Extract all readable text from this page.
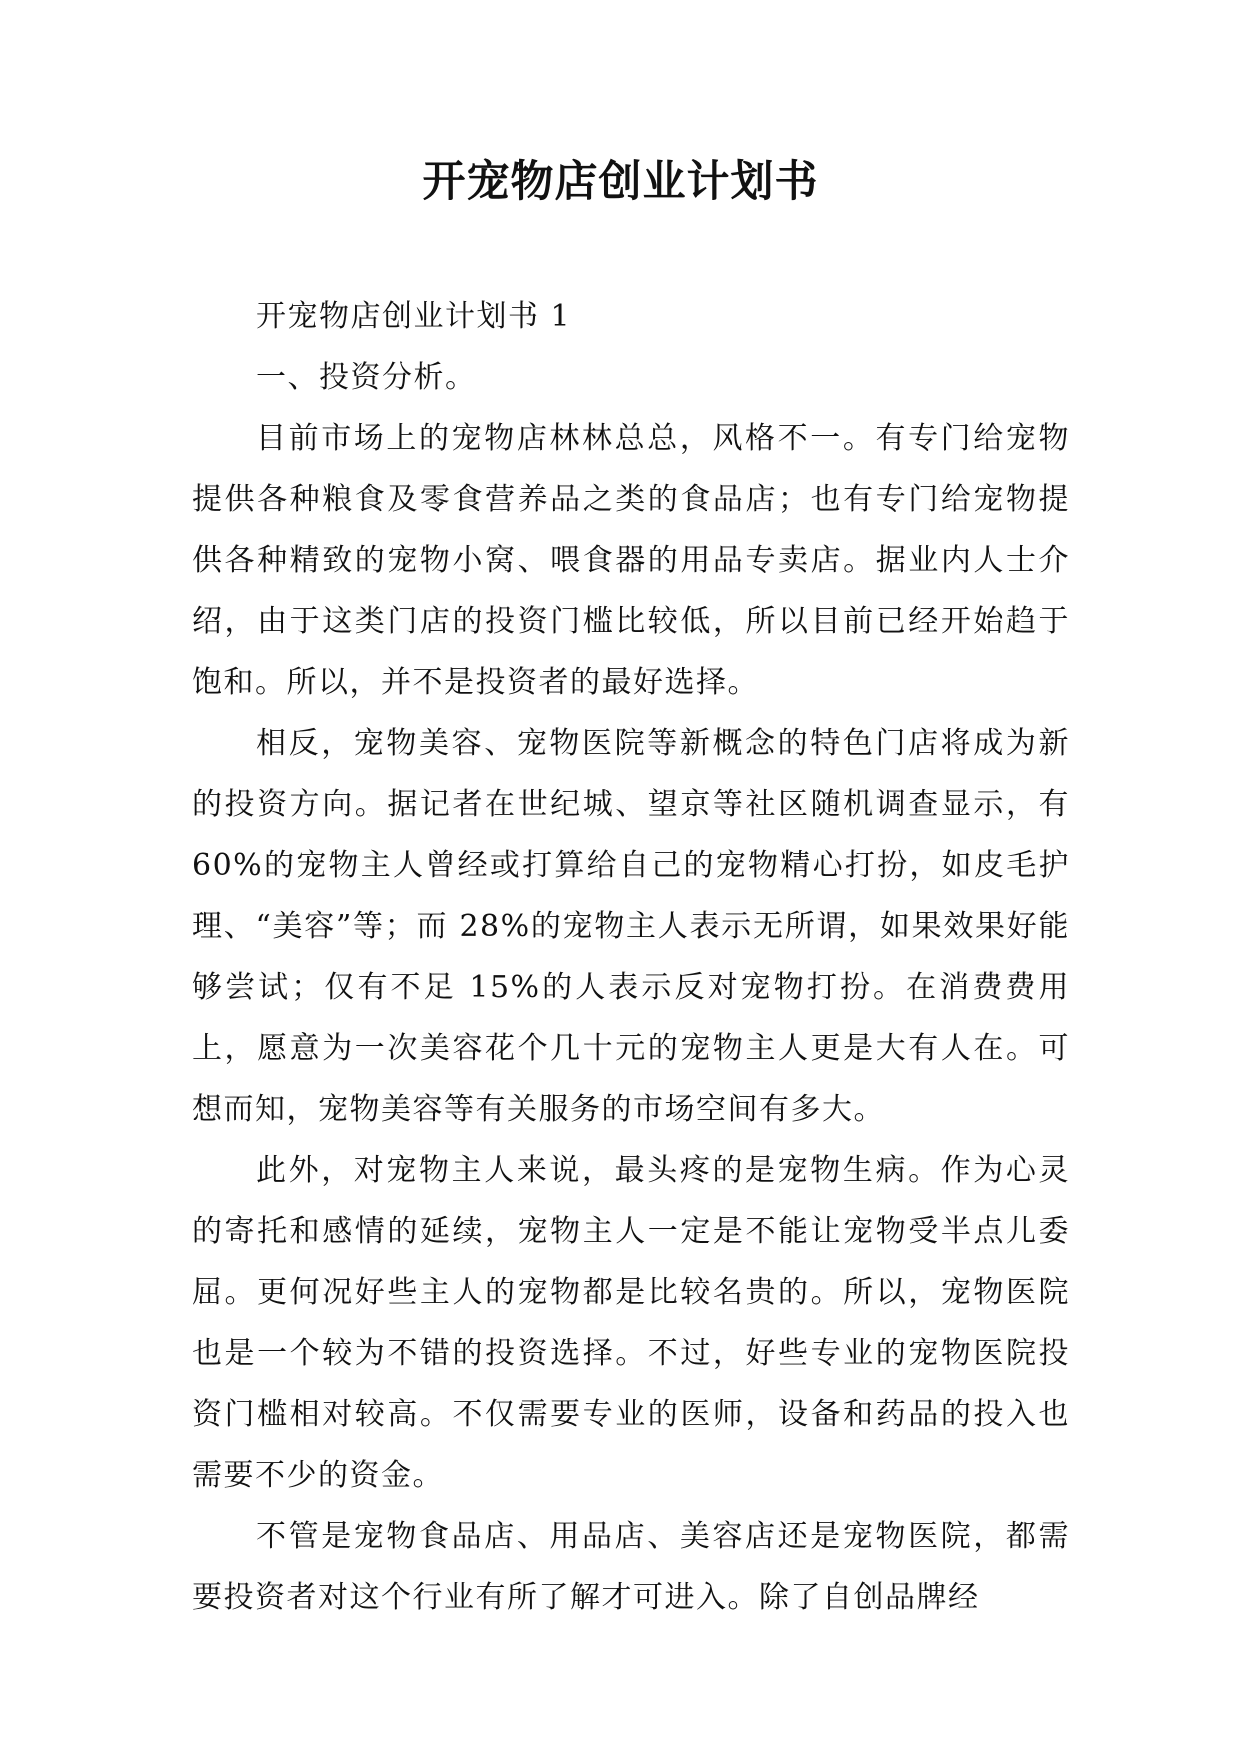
开宠物店创业计划书

开宠物店创业计划书 1

一、投资分析。

目前市场上的宠物店林林总总，风格不一。有专门给宠物提供各种粮食及零食营养品之类的食品店；也有专门给宠物提供各种精致的宠物小窝、喂食器的用品专卖店。据业内人士介绍，由于这类门店的投资门槛比较低，所以目前已经开始趋于饱和。所以，并不是投资者的最好选择。

相反，宠物美容、宠物医院等新概念的特色门店将成为新的投资方向。据记者在世纪城、望京等社区随机调查显示，有 60%的宠物主人曾经或打算给自己的宠物精心打扮，如皮毛护理、“美容”等；而 28%的宠物主人表示无所谓，如果效果好能够尝试；仅有不足 15%的人表示反对宠物打扮。在消费费用上，愿意为一次美容花个几十元的宠物主人更是大有人在。可想而知，宠物美容等有关服务的市场空间有多大。

此外，对宠物主人来说，最头疼的是宠物生病。作为心灵的寄托和感情的延续，宠物主人一定是不能让宠物受半点儿委屈。更何况好些主人的宠物都是比较名贵的。所以，宠物医院也是一个较为不错的投资选择。不过，好些专业的宠物医院投资门槛相对较高。不仅需要专业的医师，设备和药品的投入也需要不少的资金。

不管是宠物食品店、用品店、美容店还是宠物医院，都需要投资者对这个行业有所了解才可进入。除了自创品牌经
